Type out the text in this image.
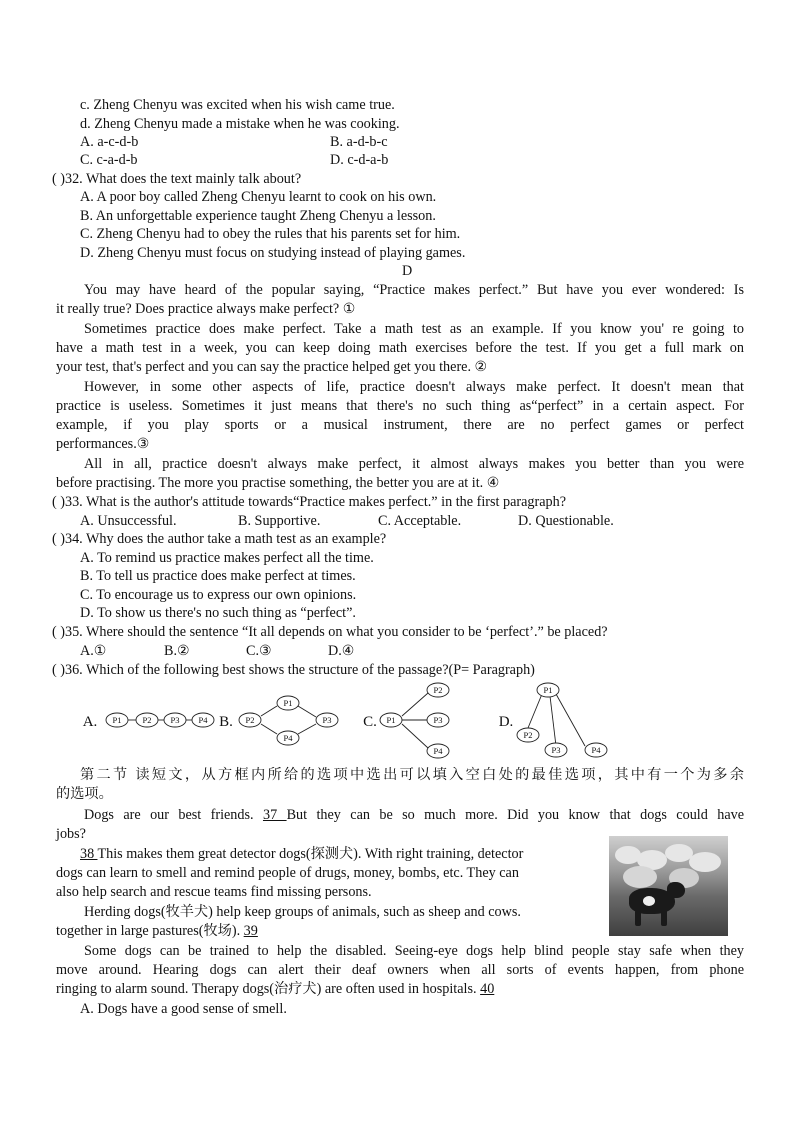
c. Zheng Chenyu was excited when his wish came true.
d. Zheng Chenyu made a mistake when he was cooking.
A. a-c-d-b	B. a-d-b-c
C. c-a-d-b	D. c-d-a-b
( )32. What does the text mainly talk about?
A. A poor boy called Zheng Chenyu learnt to cook on his own.
B. An unforgettable experience taught Zheng Chenyu a lesson.
C. Zheng Chenyu had to obey the rules that his parents set for him.
D. Zheng Chenyu must focus on studying instead of playing games.
D
You may have heard of the popular saying, “Practice makes perfect.” But have you ever wondered: Is
it really true? Does practice always make perfect? ①
Sometimes practice does make perfect. Take a math test as an example. If you know you' re going to
have a math test in a week, you can keep doing math exercises before the test. If you get a full mark on
your test, that's perfect and you can say the practice helped get you there. ②
However, in some other aspects of life, practice doesn't always make perfect. It doesn't mean that
practice is useless. Sometimes it just means that there's no such thing as“perfect” in a certain aspect. For
example, if you play sports or a musical instrument, there are no perfect games or perfect
performances.③
All in all, practice doesn't always make perfect, it almost always makes you better than you were
before practising. The more you practise something, the better you are at it. ④
( )33. What is the author's attitude towards“Practice makes perfect.” in the first paragraph?
A. Unsuccessful.	B. Supportive.	C. Acceptable.	D. Questionable.
( )34. Why does the author take a math test as an example?
A. To remind us practice makes perfect all the time.
B. To tell us practice does make perfect at times.
C. To encourage us to express our own opinions.
D. To show us there's no such thing as “perfect”.
( )35. Where should the sentence “It all depends on what you consider to be ‘perfect’.” be placed?
A.①	B.②	C.③	D.④
( )36. Which of the following best shows the structure of the passage?(P= Paragraph)
第二节 读短文，从方框内所给的选项中选出可以填入空白处的最佳选项，其中有一个为多余
的选项。
Dogs are our best friends. 37 But they can be so much more. Did you know that dogs could have
jobs?
38 This makes them great detector dogs(探测犬). With right training, detector
dogs can learn to smell and remind people of drugs, money, bombs, etc. They can
also help search and rescue teams find missing persons.
Herding dogs(牧羊犬) help keep groups of animals, such as sheep and cows.
together in large pastures(牧场). 39
Some dogs can be trained to help the disabled. Seeing-eye dogs help blind people stay safe when they
move around. Hearing dogs can alert their deaf owners when all sorts of events happen, from phone
ringing to alarm sound. Therapy dogs(治疗犬) are often used in hospitals. 40
A. Dogs have a good sense of smell.
A. P1 P2 P3 P4 B. P2
P1
P3
P4
C. P1
P2
P3
P4
D.
P1
P2
P3	P4
